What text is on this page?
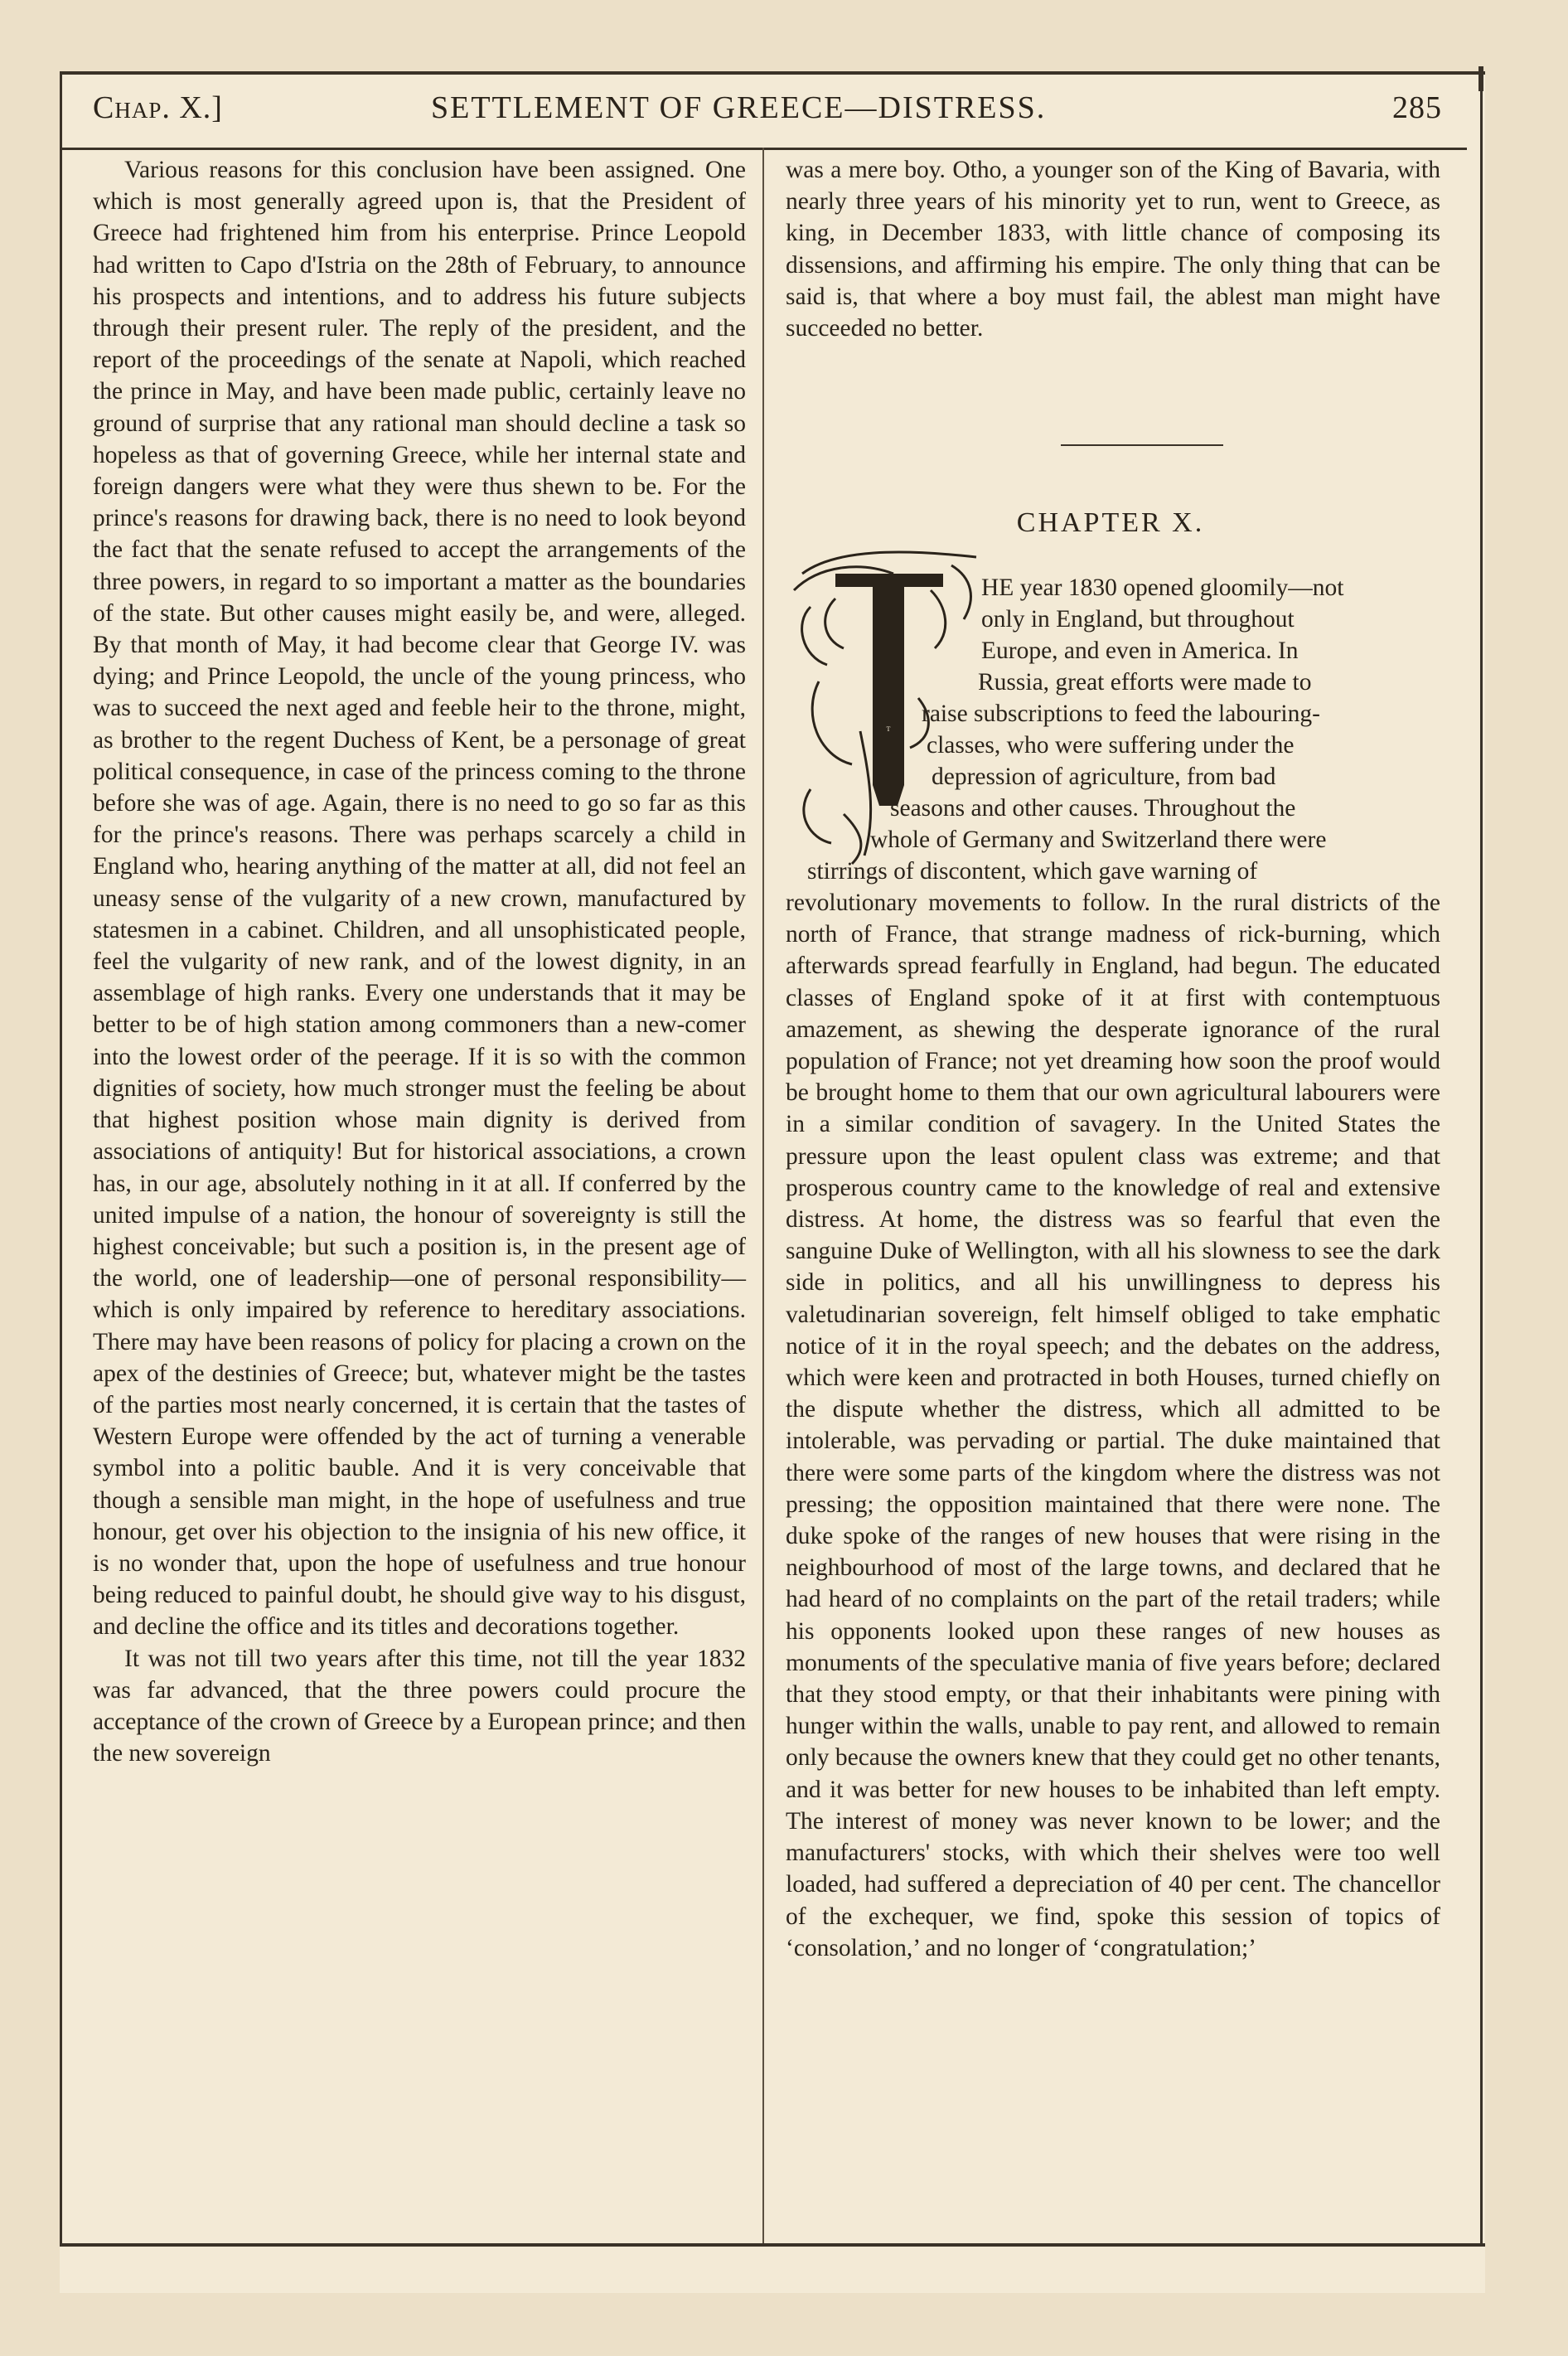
Chap. X.]	SETTLEMENT OF GREECE—DISTRESS.	285

Various reasons for this conclusion have been assigned. One which is most generally agreed upon is, that the President of Greece had frightened him from his enterprise. Prince Leopold had written to Capo d'Istria on the 28th of February, to announce his prospects and intentions, and to address his future subjects through their present ruler. The reply of the president, and the report of the proceedings of the senate at Napoli, which reached the prince in May, and have been made public, certainly leave no ground of surprise that any rational man should decline a task so hopeless as that of governing Greece, while her internal state and foreign dangers were what they were thus shewn to be. For the prince's reasons for drawing back, there is no need to look beyond the fact that the senate refused to accept the arrangements of the three powers, in regard to so important a matter as the boundaries of the state. But other causes might easily be, and were, alleged. By that month of May, it had become clear that George IV. was dying; and Prince Leopold, the uncle of the young princess, who was to succeed the next aged and feeble heir to the throne, might, as brother to the regent Duchess of Kent, be a personage of great political consequence, in case of the princess coming to the throne before she was of age. Again, there is no need to go so far as this for the prince's reasons. There was perhaps scarcely a child in England who, hearing anything of the matter at all, did not feel an uneasy sense of the vulgarity of a new crown, manufactured by statesmen in a cabinet. Children, and all unsophisticated people, feel the vulgarity of new rank, and of the lowest dignity, in an assemblage of high ranks. Every one understands that it may be better to be of high station among commoners than a new-comer into the lowest order of the peerage. If it is so with the common dignities of society, how much stronger must the feeling be about that highest position whose main dignity is derived from associations of antiquity! But for historical associations, a crown has, in our age, absolutely nothing in it at all. If conferred by the united impulse of a nation, the honour of sovereignty is still the highest conceivable; but such a position is, in the present age of the world, one of leadership—one of personal responsibility—which is only impaired by reference to hereditary associations. There may have been reasons of policy for placing a crown on the apex of the destinies of Greece; but, whatever might be the tastes of the parties most nearly concerned, it is certain that the tastes of Western Europe were offended by the act of turning a venerable symbol into a politic bauble. And it is very conceivable that though a sensible man might, in the hope of usefulness and true honour, get over his objection to the insignia of his new office, it is no wonder that, upon the hope of usefulness and true honour being reduced to painful doubt, he should give way to his disgust, and decline the office and its titles and decorations together.

It was not till two years after this time, not till the year 1832 was far advanced, that the three powers could procure the acceptance of the crown of Greece by a European prince; and then the new sovereign

was a mere boy. Otho, a younger son of the King of Bavaria, with nearly three years of his minority yet to run, went to Greece, as king, in December 1833, with little chance of composing its dissensions, and affirming his empire. The only thing that can be said is, that where a boy must fail, the ablest man might have succeeded no better.

CHAPTER X.
T
HE year 1830 opened gloomily—not
only in England, but throughout
Europe, and even in America. In
Russia, great efforts were made to
raise subscriptions to feed the labouring-
classes, who were suffering under the
depression of agriculture, from bad
seasons and other causes. Throughout the
whole of Germany and Switzerland there were
stirrings of discontent, which gave warning of

revolutionary movements to follow. In the rural districts of the north of France, that strange madness of rick-burning, which afterwards spread fearfully in England, had begun. The educated classes of England spoke of it at first with contemptuous amazement, as shewing the desperate ignorance of the rural population of France; not yet dreaming how soon the proof would be brought home to them that our own agricultural labourers were in a similar condition of savagery. In the United States the pressure upon the least opulent class was extreme; and that prosperous country came to the knowledge of real and extensive distress. At home, the distress was so fearful that even the sanguine Duke of Wellington, with all his slowness to see the dark side in politics, and all his unwillingness to depress his valetudinarian sovereign, felt himself obliged to take emphatic notice of it in the royal speech; and the debates on the address, which were keen and protracted in both Houses, turned chiefly on the dispute whether the distress, which all admitted to be intolerable, was pervading or partial. The duke maintained that there were some parts of the kingdom where the distress was not pressing; the opposition maintained that there were none. The duke spoke of the ranges of new houses that were rising in the neighbourhood of most of the large towns, and declared that he had heard of no complaints on the part of the retail traders; while his opponents looked upon these ranges of new houses as monuments of the speculative mania of five years before; declared that they stood empty, or that their inhabitants were pining with hunger within the walls, unable to pay rent, and allowed to remain only because the owners knew that they could get no other tenants, and it was better for new houses to be inhabited than left empty. The interest of money was never known to be lower; and the manufacturers' stocks, with which their shelves were too well loaded, had suffered a depreciation of 40 per cent. The chancellor of the exchequer, we find, spoke this session of topics of ‘consolation,’ and no longer of ‘congratulation;’
